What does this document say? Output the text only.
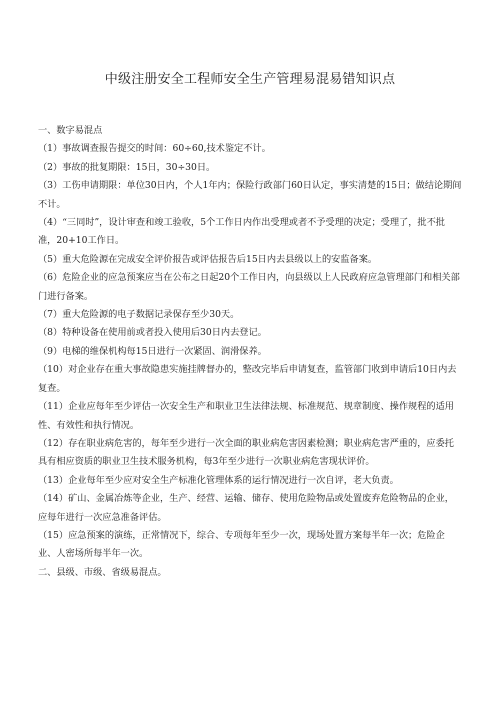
中级注册安全工程师安全生产管理易混易错知识点

一、数字易混点

（1）事故调查报告提交的时间：60÷60,技术鉴定不计。

（2）事故的批复期限：15日，30÷30日。

（3）工伤申请期限：单位30日内，个人1年内；保险行政部门60日认定，事实清楚的15日；做结论期间不计。

（4）“三同时”，设计审查和竣工验收，5个工作日内作出受理或者不予受理的决定；受理了，批不批准，20+10工作日。

（5）重大危险源在完成安全评价报告或评估报告后15日内去县级以上的安监备案。

（6）危险企业的应急预案应当在公布之日起20个工作日内，向县级以上人民政府应急管理部门和相关部门进行备案。

（7）重大危险源的电子数据记录保存至少30天。

（8）特种设备在使用前或者投入使用后30日内去登记。

（9）电梯的维保机构每15日进行一次紧固、润滑保养。

（10）对企业存在重大事故隐患实施挂牌督办的，整改完毕后申请复查，监管部门收到申请后10日内去复查。

（11）企业应每年至少评估一次安全生产和职业卫生法律法规、标准规范、规章制度、操作规程的适用性、有效性和执行情况。

（12）存在职业病危害的，每年至少进行一次全面的职业病危害因素检测；职业病危害严重的，应委托具有相应资质的职业卫生技术服务机构，每3年至少进行一次职业病危害现状评价。

（13）企业每年至少应对安全生产标准化管理体系的运行情况进行一次自评，老大负责。

（14）矿山、金属冶炼等企业，生产、经营、运输、储存、使用危险物品或处置废弃危险物品的企业，应每年进行一次应急准备评估。

（15）应急预案的演练，正常情况下，综合、专项每年至少一次，现场处置方案每半年一次；危险企业、人密场所每半年一次。

二、县级、市级、省级易混点。
